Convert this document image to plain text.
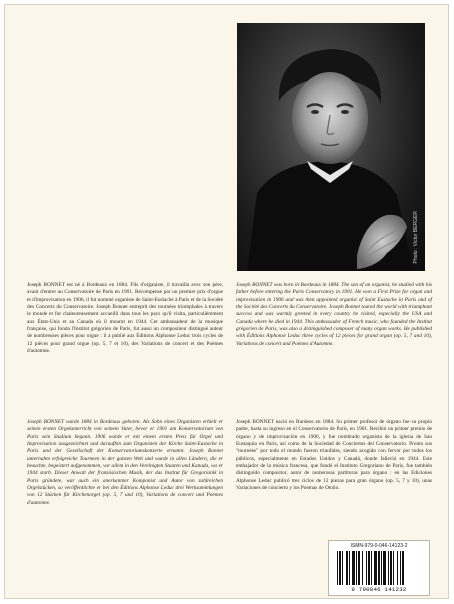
Photo : Victor BERGER

Joseph BONNET est né à Bordeaux en 1884. Fils d'organiste, il travailla avec son père, avant d'entrer au Conservatoire de Paris en 1901. Récompensé par un premier prix d'orgue et d'improvisation en 1906, il fut nommé organiste de Saint-Eustache à Paris et de la Société des Concerts du Conservatoire. Joseph Bonnet entreprit des tournées triomphales à travers le monde et fut chaleureusement accueilli dans tous les pays qu'il visita, particulièrement aux États-Unis et au Canada où il mourut en 1944. Cet ambassadeur de la musique française, qui fonda l'Institut grégorien de Paris, fut aussi un compositeur distingué auteur de nombreuses pièces pour orgue : il a publié aux Éditions Alphonse Leduc trois cycles de 12 pièces pour grand orgue (op. 5, 7 et 10), des Variations de concert et des Poèmes d'automne.

Joseph BONNET was born in Bordeaux in 1884. The son of an organist, he studied with his father before entering the Paris Conservatory in 1901. He won a First Prize for organ and improvisation in 1906 and was then appointed organist of Saint Eustache in Paris and of the Société des Concerts du Conservatoire. Joseph Bonnet toured the world with triumphant success and was warmly greeted in every country he visited, especially the USA and Canada where he died in 1944. This ambassador of French music, who founded the Institut grégorien de Paris, was also a distinguished composer of many organ works. He published with Éditions Alphonse Leduc three cycles of 12 pieces for grand organ (op. 5, 7 and 10), Variations de concert and Poèmes d'Automne.

Joseph BONNET wurde 1884 in Bordeaux geboren. Als Sohn eines Organisten erhielt er seinen ersten Orgelunterricht von seinem Vater, bevor er 1901 am Konservatorium von Paris sein Studium begann. 1906 wurde er mit einem ersten Preis für Orgel und Improvisation ausgezeichnet und daraufhin zum Organisten der Kirche Saint-Eustache in Paris und der Gesellschaft der Konservatoriumskonzerte ernannt. Joseph Bonnet unternahm erfolgreiche Tourneen in der ganzen Welt und wurde in allen Ländern, die er besuchte, begeistert aufgenommen, vor allem in den Vereinigten Staaten und Kanada, wo er 1944 starb. Dieser Anwalt der französischen Musik, der das Institut für Gregorianik in Paris gründete, war auch ein anerkannter Komponist und Autor von zahlreichen Orgelstücken, so veröffentlichte er bei den Éditions Alphonse Leduc drei Werksammlungen von 12 Stücken für Kirchenorgel (op. 5, 7 und 10), Variations de concert und Poèmes d'automne.

Joseph BONNET nació en Burdeos en 1884. Su primer profesor de órgano fue su propio padre, hasta su ingreso en el Conservatorio de París, en 1901. Recibió un primer premio de órgano y de improvisación en 1906, y fue nombrado organista de la iglesia de San Eustaquio en París, así como de la Sociedad de Conciertos del Conservatorio. Pronto sus "tournées" por todo el mundo fueron triunfales, siendo acogido con fervor por todos los públicos, especialmente en Estados Unidos y Canadá, donde falleció en 1944. Este embajador de la música francesa, que fundó el Instituto Gregoriano de París, fue también distinguido compositor, autor de numerosas partituras para órgano : en las Ediciones Alphonse Leduc publicó tres ciclos de 12 piezas para gran órgano (op. 5, 7 y 10), unas Variaciones de concierto y los Poemas de Otoño.

ISMN-979-0-046-14123-2
9 790046 141232
